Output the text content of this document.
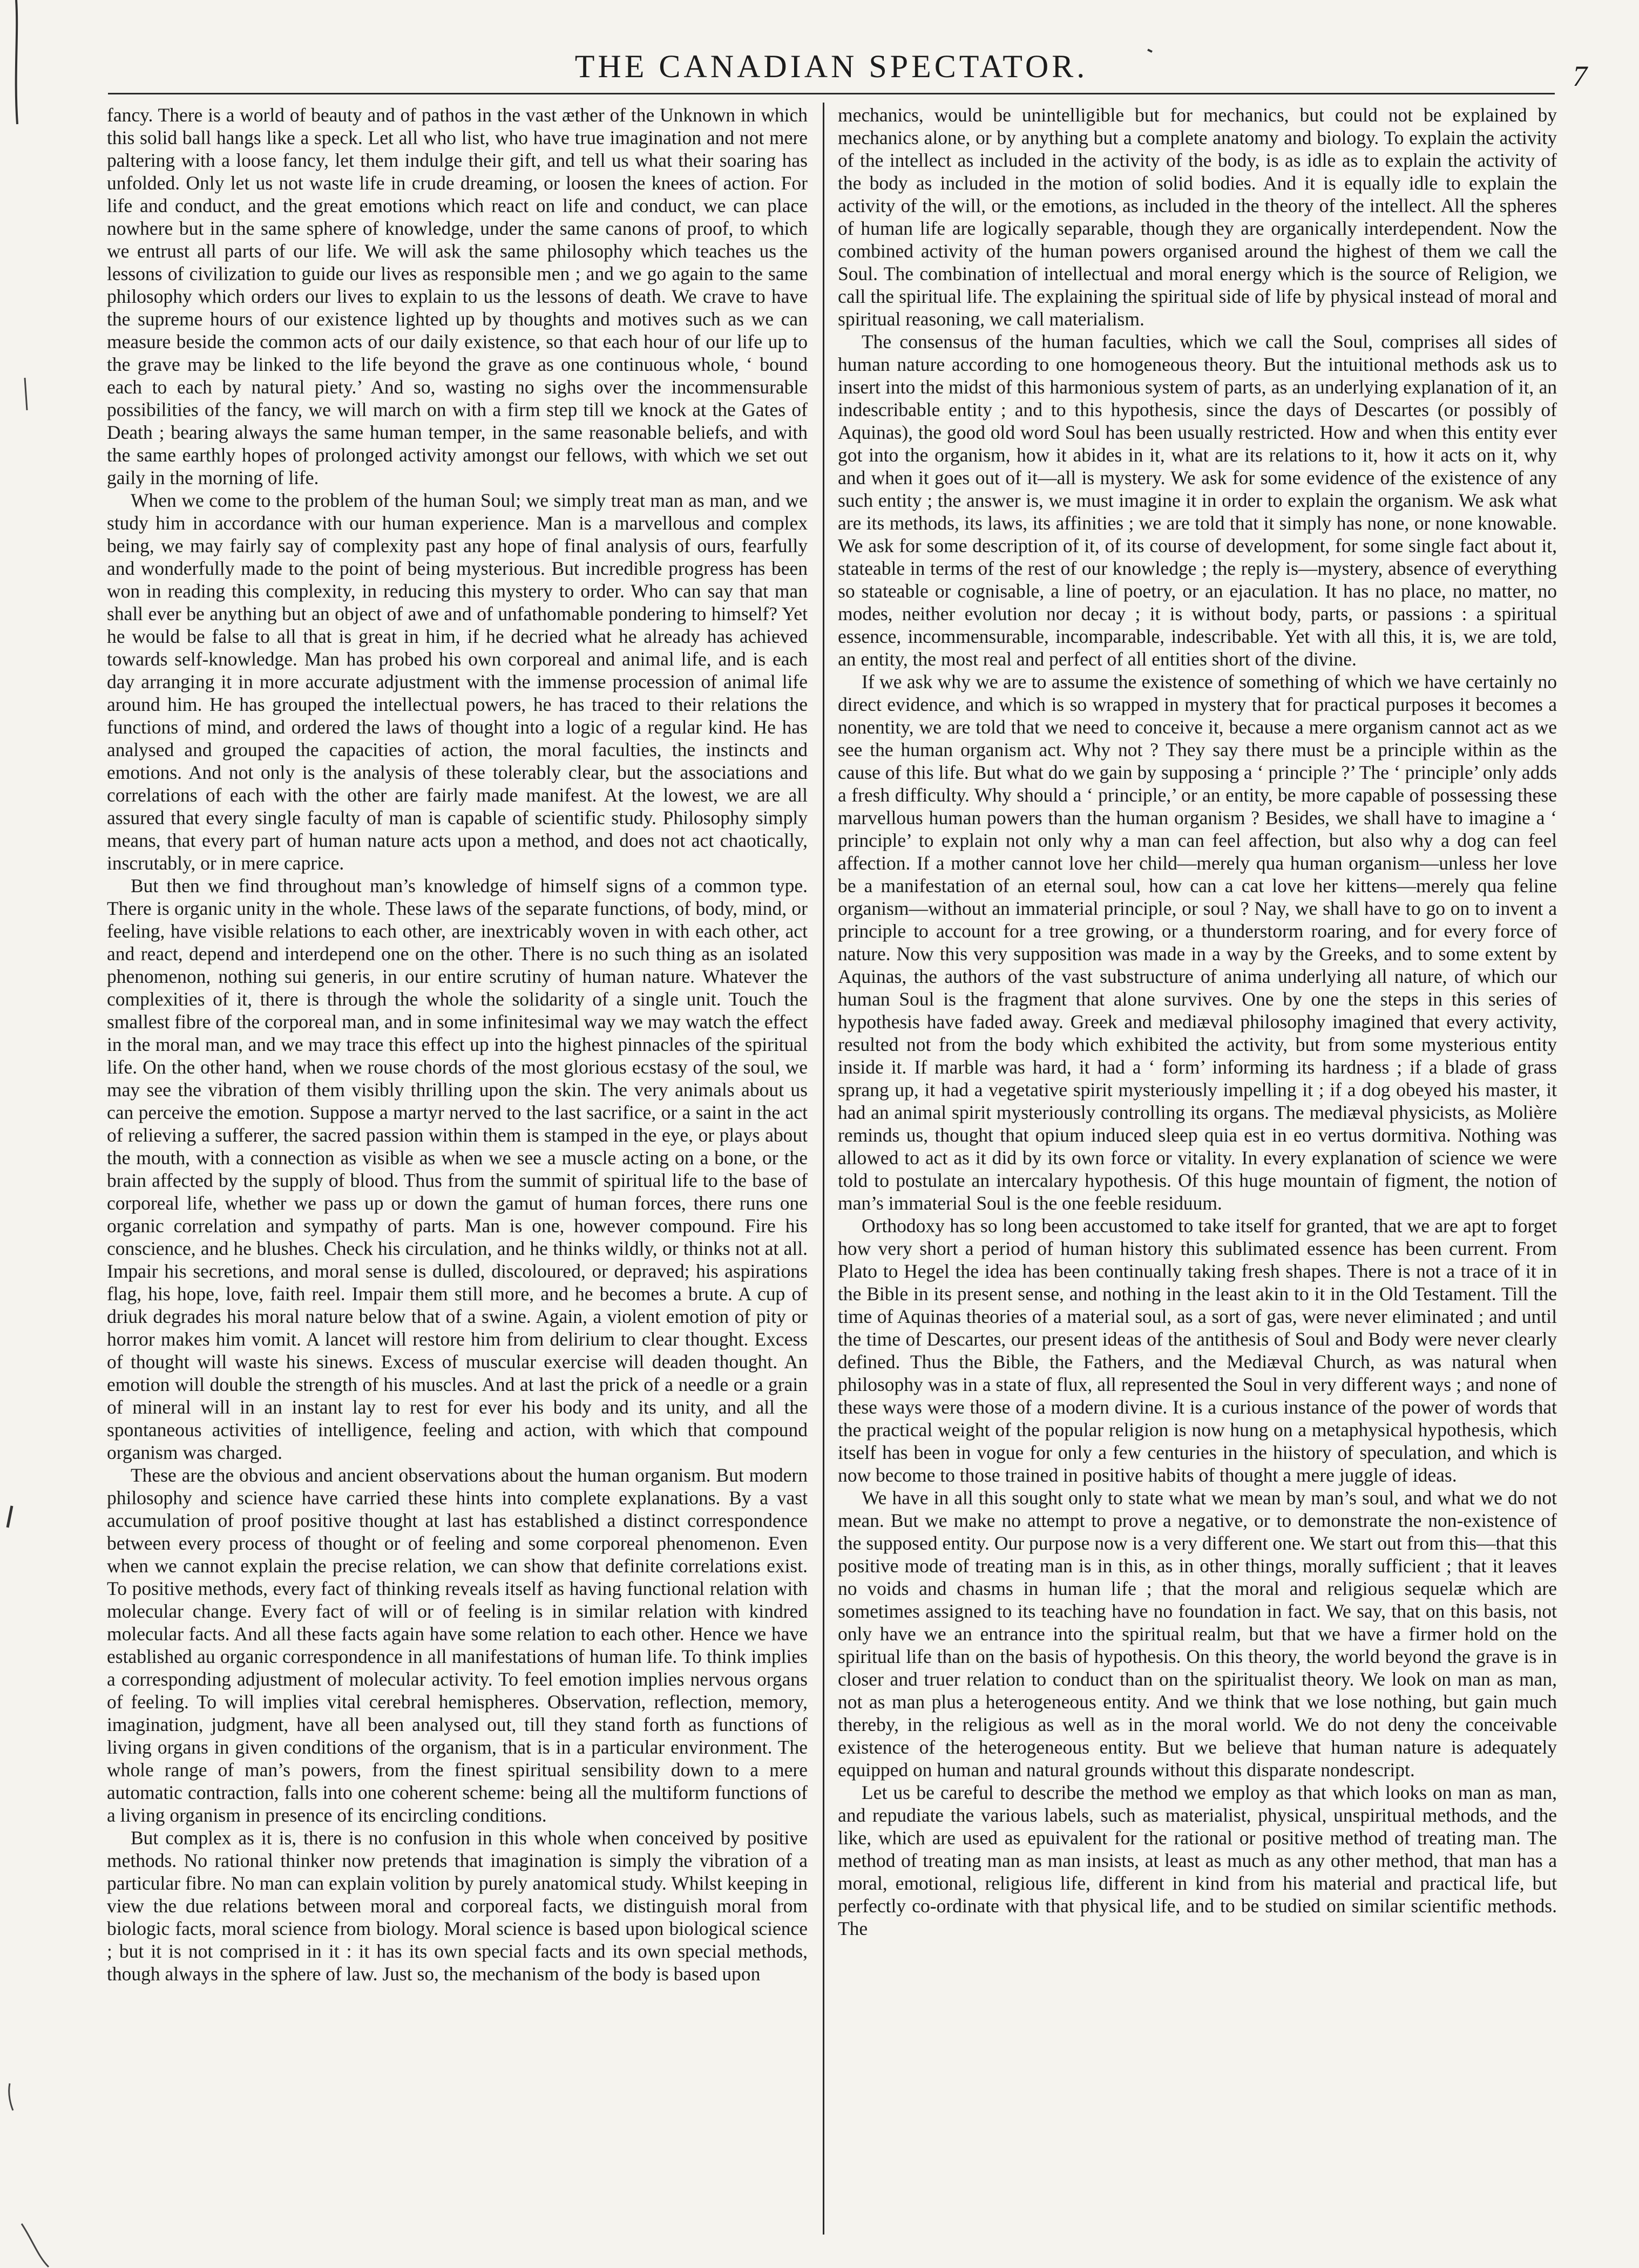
THE CANADIAN SPECTATOR.	7

fancy. There is a world of beauty and of pathos in the vast æther of the Unknown in which this solid ball hangs like a speck. Let all who list, who have true imagination and not mere paltering with a loose fancy, let them indulge their gift, and tell us what their soaring has unfolded. Only let us not waste life in crude dreaming, or loosen the knees of action. For life and conduct, and the great emotions which react on life and conduct, we can place nowhere but in the same sphere of knowledge, under the same canons of proof, to which we entrust all parts of our life. We will ask the same philosophy which teaches us the lessons of civilization to guide our lives as responsible men ; and we go again to the same philosophy which orders our lives to explain to us the lessons of death. We crave to have the supreme hours of our existence lighted up by thoughts and motives such as we can measure beside the common acts of our daily existence, so that each hour of our life up to the grave may be linked to the life beyond the grave as one continuous whole, ‘ bound each to each by natural piety.’ And so, wasting no sighs over the incommensurable possibilities of the fancy, we will march on with a firm step till we knock at the Gates of Death ; bearing always the same human temper, in the same reasonable beliefs, and with the same earthly hopes of prolonged activity amongst our fellows, with which we set out gaily in the morning of life.

When we come to the problem of the human Soul; we simply treat man as man, and we study him in accordance with our human experience. Man is a marvellous and complex being, we may fairly say of complexity past any hope of final analysis of ours, fearfully and wonderfully made to the point of being mysterious. But incredible progress has been won in reading this complexity, in reducing this mystery to order. Who can say that man shall ever be anything but an object of awe and of unfathomable pondering to himself? Yet he would be false to all that is great in him, if he decried what he already has achieved towards self-knowledge. Man has probed his own corporeal and animal life, and is each day arranging it in more accurate adjustment with the immense procession of animal life around him. He has grouped the intellectual powers, he has traced to their relations the functions of mind, and ordered the laws of thought into a logic of a regular kind. He has analysed and grouped the capacities of action, the moral faculties, the instincts and emotions. And not only is the analysis of these tolerably clear, but the associations and correlations of each with the other are fairly made manifest. At the lowest, we are all assured that every single faculty of man is capable of scientific study. Philosophy simply means, that every part of human nature acts upon a method, and does not act chaotically, inscrutably, or in mere caprice.

But then we find throughout man’s knowledge of himself signs of a common type. There is organic unity in the whole. These laws of the separate functions, of body, mind, or feeling, have visible relations to each other, are inextricably woven in with each other, act and react, depend and interdepend one on the other. There is no such thing as an isolated phenomenon, nothing sui generis, in our entire scrutiny of human nature. Whatever the complexities of it, there is through the whole the solidarity of a single unit. Touch the smallest fibre of the corporeal man, and in some infinitesimal way we may watch the effect in the moral man, and we may trace this effect up into the highest pinnacles of the spiritual life. On the other hand, when we rouse chords of the most glorious ecstasy of the soul, we may see the vibration of them visibly thrilling upon the skin. The very animals about us can perceive the emotion. Suppose a martyr nerved to the last sacrifice, or a saint in the act of relieving a sufferer, the sacred passion within them is stamped in the eye, or plays about the mouth, with a connection as visible as when we see a muscle acting on a bone, or the brain affected by the supply of blood. Thus from the summit of spiritual life to the base of corporeal life, whether we pass up or down the gamut of human forces, there runs one organic correlation and sympathy of parts. Man is one, however compound. Fire his conscience, and he blushes. Check his circulation, and he thinks wildly, or thinks not at all. Impair his secretions, and moral sense is dulled, discoloured, or depraved; his aspirations flag, his hope, love, faith reel. Impair them still more, and he becomes a brute. A cup of driuk degrades his moral nature below that of a swine. Again, a violent emotion of pity or horror makes him vomit. A lancet will restore him from delirium to clear thought. Excess of thought will waste his sinews. Excess of muscular exercise will deaden thought. An emotion will double the strength of his muscles. And at last the prick of a needle or a grain of mineral will in an instant lay to rest for ever his body and its unity, and all the spontaneous activities of intelligence, feeling and action, with which that compound organism was charged.

These are the obvious and ancient observations about the human organism. But modern philosophy and science have carried these hints into complete explanations. By a vast accumulation of proof positive thought at last has established a distinct correspondence between every process of thought or of feeling and some corporeal phenomenon. Even when we cannot explain the precise relation, we can show that definite correlations exist. To positive methods, every fact of thinking reveals itself as having functional relation with molecular change. Every fact of will or of feeling is in similar relation with kindred molecular facts. And all these facts again have some relation to each other. Hence we have established au organic correspondence in all manifestations of human life. To think implies a corresponding adjustment of molecular activity. To feel emotion implies nervous organs of feeling. To will implies vital cerebral hemispheres. Observation, reflection, memory, imagination, judgment, have all been analysed out, till they stand forth as functions of living organs in given conditions of the organism, that is in a particular environment. The whole range of man’s powers, from the finest spiritual sensibility down to a mere automatic contraction, falls into one coherent scheme: being all the multiform functions of a living organism in presence of its encircling conditions.

But complex as it is, there is no confusion in this whole when conceived by positive methods. No rational thinker now pretends that imagination is simply the vibration of a particular fibre. No man can explain volition by purely anatomical study. Whilst keeping in view the due relations between moral and corporeal facts, we distinguish moral from biologic facts, moral science from biology. Moral science is based upon biological science ; but it is not comprised in it : it has its own special facts and its own special methods, though always in the sphere of law. Just so, the mechanism of the body is based upon

mechanics, would be unintelligible but for mechanics, but could not be explained by mechanics alone, or by anything but a complete anatomy and biology. To explain the activity of the intellect as included in the activity of the body, is as idle as to explain the activity of the body as included in the motion of solid bodies. And it is equally idle to explain the activity of the will, or the emotions, as included in the theory of the intellect. All the spheres of human life are logically separable, though they are organically interdependent. Now the combined activity of the human powers organised around the highest of them we call the Soul. The combination of intellectual and moral energy which is the source of Religion, we call the spiritual life. The explaining the spiritual side of life by physical instead of moral and spiritual reasoning, we call materialism.

The consensus of the human faculties, which we call the Soul, comprises all sides of human nature according to one homogeneous theory. But the intuitional methods ask us to insert into the midst of this harmonious system of parts, as an underlying explanation of it, an indescribable entity ; and to this hypothesis, since the days of Descartes (or possibly of Aquinas), the good old word Soul has been usually restricted. How and when this entity ever got into the organism, how it abides in it, what are its relations to it, how it acts on it, why and when it goes out of it—all is mystery. We ask for some evidence of the existence of any such entity ; the answer is, we must imagine it in order to explain the organism. We ask what are its methods, its laws, its affinities ; we are told that it simply has none, or none knowable. We ask for some description of it, of its course of development, for some single fact about it, stateable in terms of the rest of our knowledge ; the reply is—mystery, absence of everything so stateable or cognisable, a line of poetry, or an ejaculation. It has no place, no matter, no modes, neither evolution nor decay ; it is without body, parts, or passions : a spiritual essence, incommensurable, incomparable, indescribable. Yet with all this, it is, we are told, an entity, the most real and perfect of all entities short of the divine.

If we ask why we are to assume the existence of something of which we have certainly no direct evidence, and which is so wrapped in mystery that for practical purposes it becomes a nonentity, we are told that we need to conceive it, because a mere organism cannot act as we see the human organism act. Why not ? They say there must be a principle within as the cause of this life. But what do we gain by supposing a ‘ principle ?’ The ‘ principle’ only adds a fresh difficulty. Why should a ‘ principle,’ or an entity, be more capable of possessing these marvellous human powers than the human organism ? Besides, we shall have to imagine a ‘ principle’ to explain not only why a man can feel affection, but also why a dog can feel affection. If a mother cannot love her child—merely qua human organism—unless her love be a manifestation of an eternal soul, how can a cat love her kittens—merely qua feline organism—without an immaterial principle, or soul ? Nay, we shall have to go on to invent a principle to account for a tree growing, or a thunderstorm roaring, and for every force of nature. Now this very supposition was made in a way by the Greeks, and to some extent by Aquinas, the authors of the vast substructure of anima underlying all nature, of which our human Soul is the fragment that alone survives. One by one the steps in this series of hypothesis have faded away. Greek and mediæval philosophy imagined that every activity, resulted not from the body which exhibited the activity, but from some mysterious entity inside it. If marble was hard, it had a ‘ form’ informing its hardness ; if a blade of grass sprang up, it had a vegetative spirit mysteriously impelling it ; if a dog obeyed his master, it had an animal spirit mysteriously controlling its organs. The mediæval physicists, as Molière reminds us, thought that opium induced sleep quia est in eo vertus dormitiva. Nothing was allowed to act as it did by its own force or vitality. In every explanation of science we were told to postulate an intercalary hypothesis. Of this huge mountain of figment, the notion of man’s immaterial Soul is the one feeble residuum.

Orthodoxy has so long been accustomed to take itself for granted, that we are apt to forget how very short a period of human history this sublimated essence has been current. From Plato to Hegel the idea has been continually taking fresh shapes. There is not a trace of it in the Bible in its present sense, and nothing in the least akin to it in the Old Testament. Till the time of Aquinas theories of a material soul, as a sort of gas, were never eliminated ; and until the time of Descartes, our present ideas of the antithesis of Soul and Body were never clearly defined. Thus the Bible, the Fathers, and the Mediæval Church, as was natural when philosophy was in a state of flux, all represented the Soul in very different ways ; and none of these ways were those of a modern divine. It is a curious instance of the power of words that the practical weight of the popular religion is now hung on a metaphysical hypothesis, which itself has been in vogue for only a few centuries in the hiistory of speculation, and which is now become to those trained in positive habits of thought a mere juggle of ideas.

We have in all this sought only to state what we mean by man’s soul, and what we do not mean. But we make no attempt to prove a negative, or to demonstrate the non-existence of the supposed entity. Our purpose now is a very different one. We start out from this—that this positive mode of treating man is in this, as in other things, morally sufficient ; that it leaves no voids and chasms in human life ; that the moral and religious sequelæ which are sometimes assigned to its teaching have no foundation in fact. We say, that on this basis, not only have we an entrance into the spiritual realm, but that we have a firmer hold on the spiritual life than on the basis of hypothesis. On this theory, the world beyond the grave is in closer and truer relation to conduct than on the spiritualist theory. We look on man as man, not as man plus a heterogeneous entity. And we think that we lose nothing, but gain much thereby, in the religious as well as in the moral world. We do not deny the conceivable existence of the heterogeneous entity. But we believe that human nature is adequately equipped on human and natural grounds without this disparate nondescript.

Let us be careful to describe the method we employ as that which looks on man as man, and repudiate the various labels, such as materialist, physical, unspiritual methods, and the like, which are used as epuivalent for the rational or positive method of treating man. The method of treating man as man insists, at least as much as any other method, that man has a moral, emotional, religious life, different in kind from his material and practical life, but perfectly co-ordinate with that physical life, and to be studied on similar scientific methods. The
